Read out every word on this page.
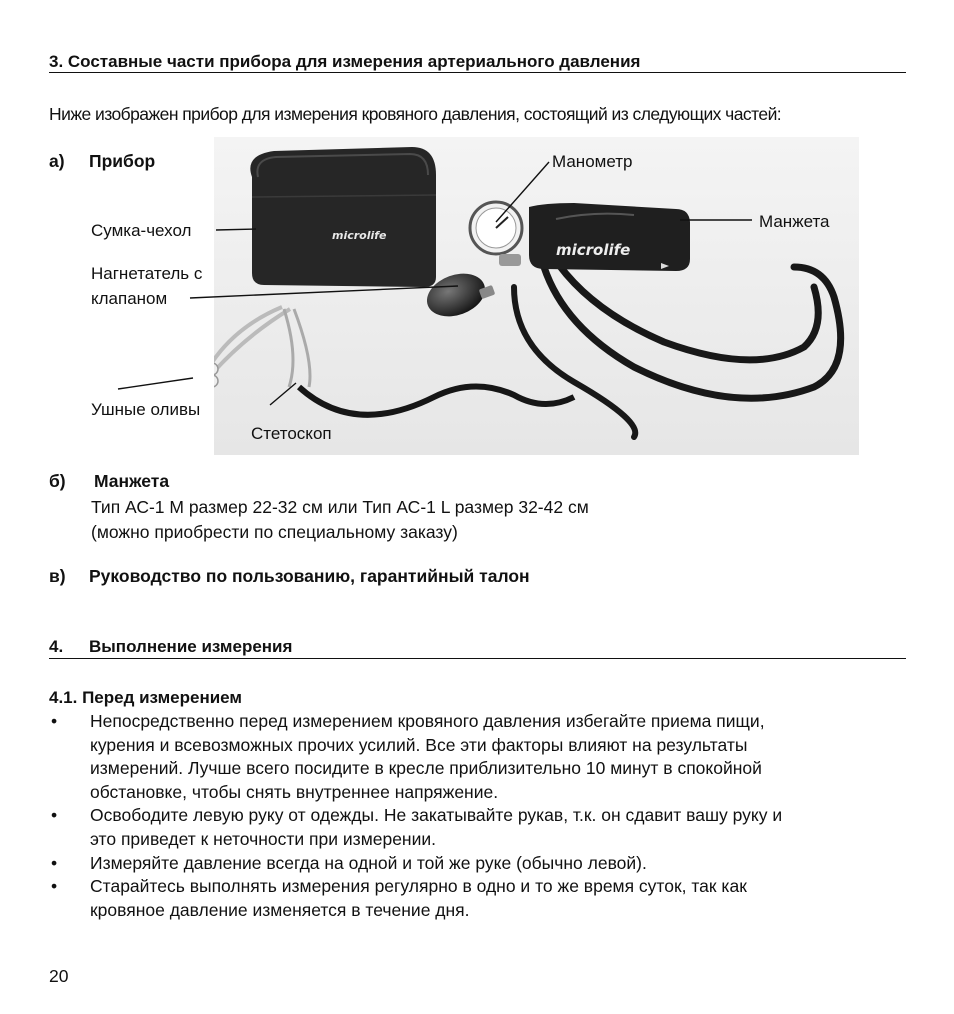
3. Составные части прибора для измерения артериального давления
Ниже изображен прибор для измерения кровяного давления, состоящий из следующих частей:
а) Прибор
microlife
microlife
Сумка-чехол
Нагнетатель с
клапаном
Ушные оливы
Стетоскоп
Манометр
Манжета
б) Манжета
Тип АС-1 M размер 22-32 см или Тип АС-1 L размер 32-42 см
(можно приобрести по специальному заказу)
в) Руководство по пользованию, гарантийный талон
4. Выполнение измерения
4.1. Перед измерением
• Непосредственно перед измерением кровяного давления избегайте приема пищи,
курения и всевозможных прочих усилий. Все эти факторы влияют на результаты
измерений. Лучше всего посидите в кресле приблизительно 10 минут в спокойной
обстановке, чтобы снять внутреннее напряжение.
• Освободите левую руку от одежды. Не закатывайте рукав, т.к. он сдавит вашу руку и
это приведет к неточности при измерении.
• Измеряйте давление всегда на одной и той же руке (обычно левой).
• Старайтесь выполнять измерения регулярно в одно и то же время суток, так как
кровяное давление изменяется в течение дня.
20
